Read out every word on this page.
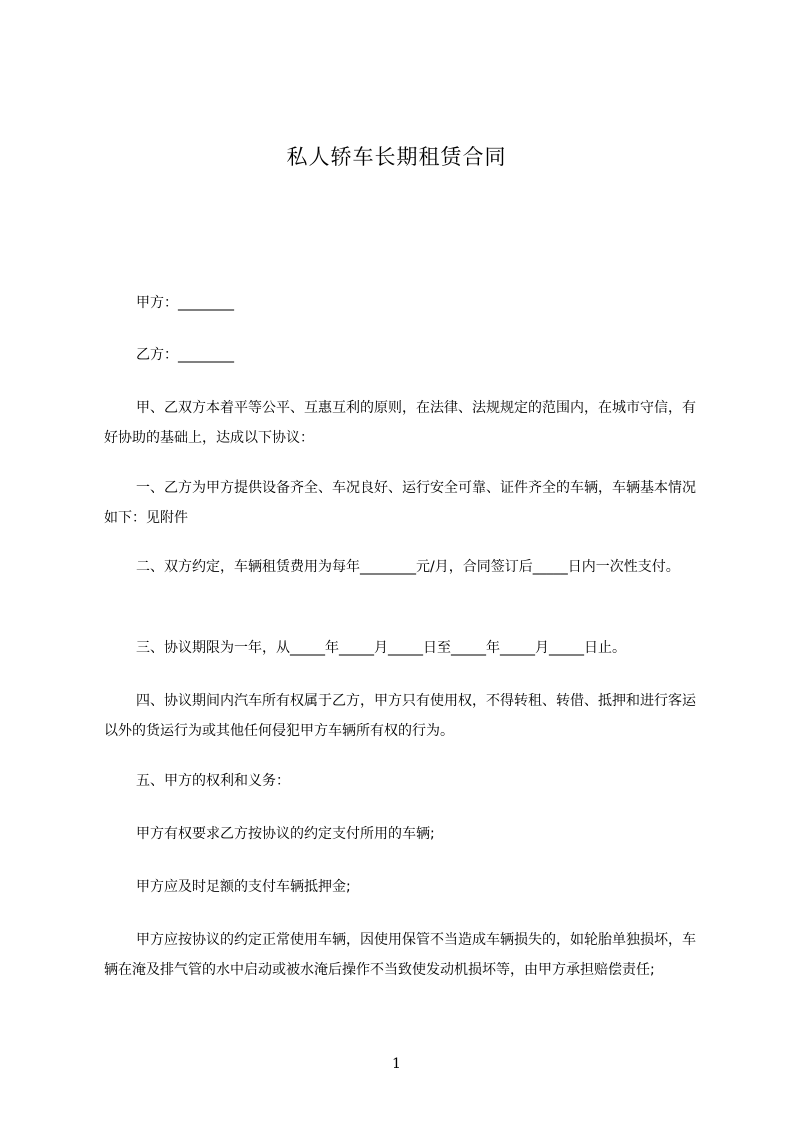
私人轿车长期租赁合同

甲方：________

乙方：________

甲、乙双方本着平等公平、互惠互利的原则，在法律、法规规定的范围内，在城市守信，有好协助的基础上，达成以下协议：

一、乙方为甲方提供设备齐全、车况良好、运行安全可靠、证件齐全的车辆，车辆基本情况如下：见附件

二、双方约定，车辆租赁费用为每年________元/月，合同签订后_____日内一次性支付。

三、协议期限为一年，从_____年_____月_____日至_____年_____月_____日止。

四、协议期间内汽车所有权属于乙方，甲方只有使用权，不得转租、转借、抵押和进行客运以外的货运行为或其他任何侵犯甲方车辆所有权的行为。

五、甲方的权利和义务：

甲方有权要求乙方按协议的约定支付所用的车辆;

甲方应及时足额的支付车辆抵押金;

甲方应按协议的约定正常使用车辆，因使用保管不当造成车辆损失的，如轮胎单独损坏，车辆在淹及排气管的水中启动或被水淹后操作不当致使发动机损坏等，由甲方承担赔偿责任;

1
